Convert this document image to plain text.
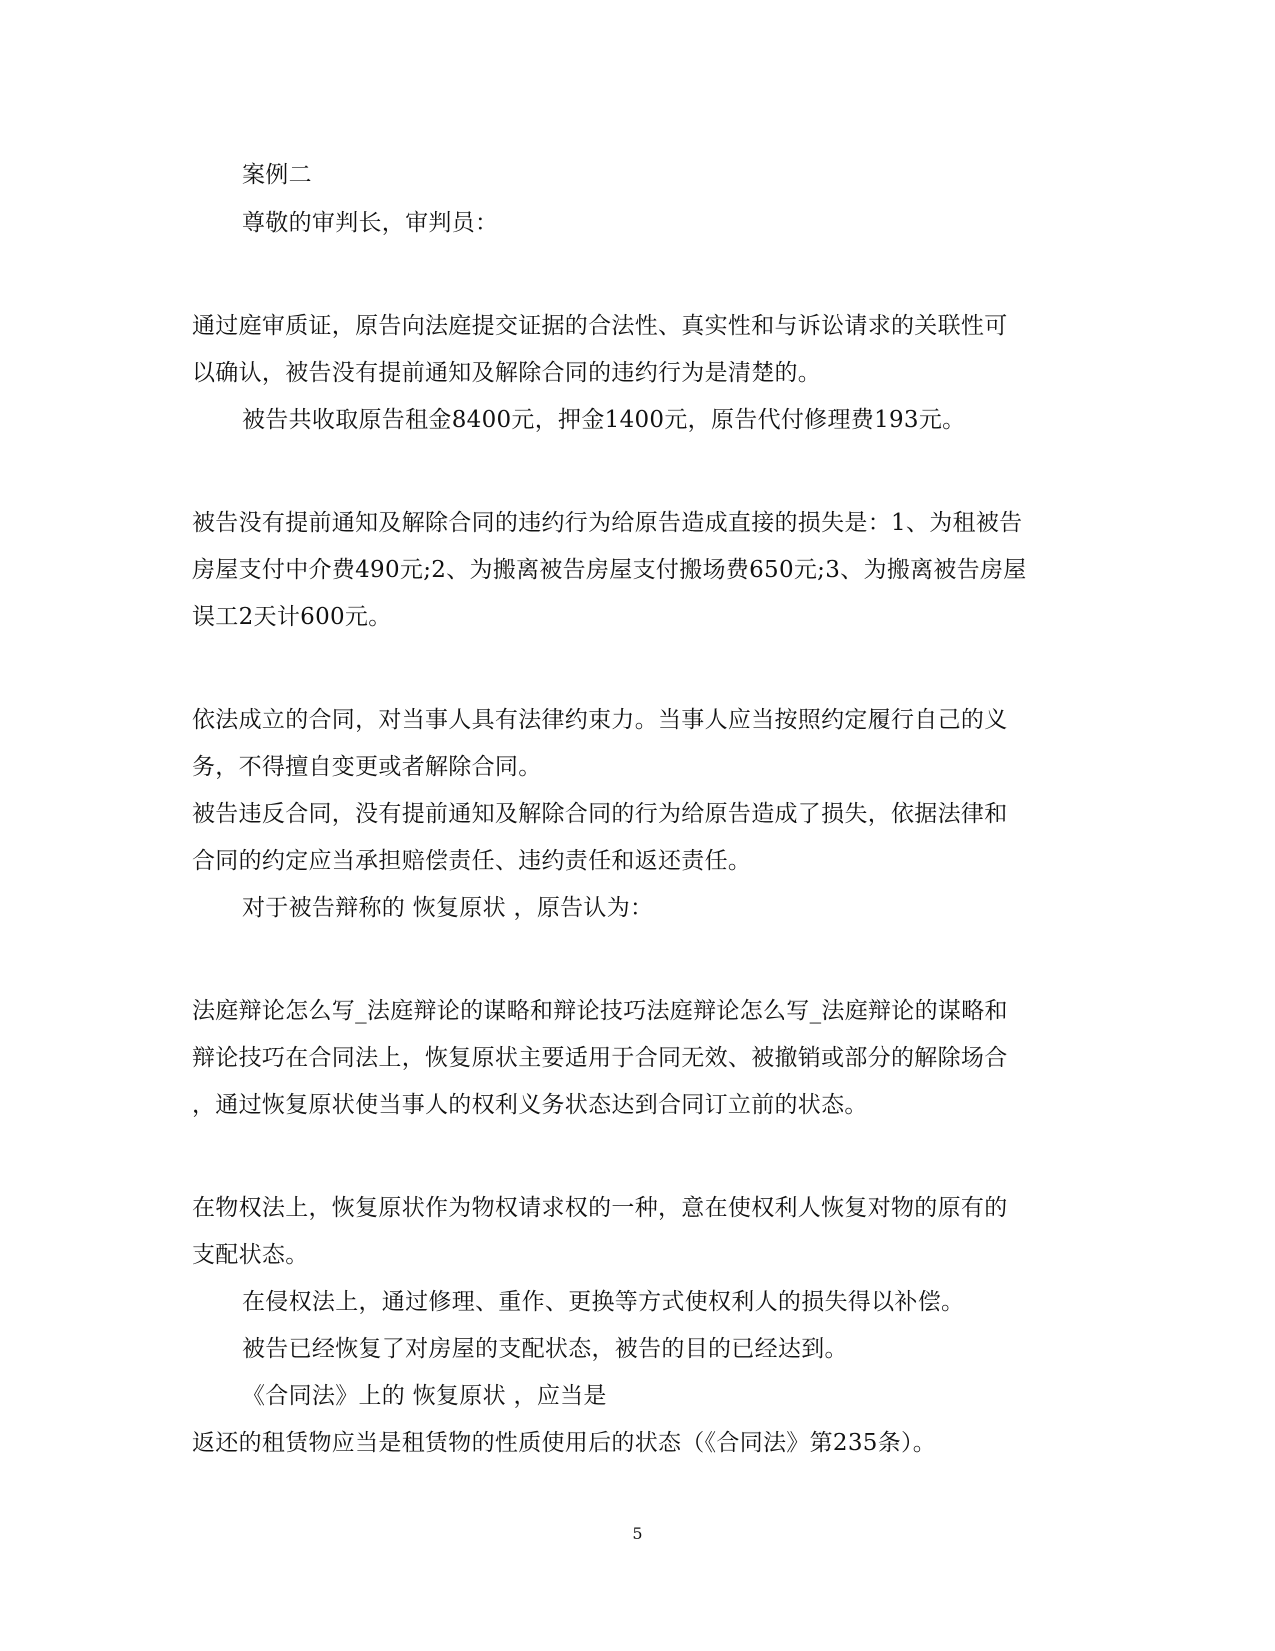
案例二
尊敬的审判长，审判员：
通过庭审质证，原告向法庭提交证据的合法性、真实性和与诉讼请求的关联性可
以确认，被告没有提前通知及解除合同的违约行为是清楚的。
被告共收取原告租金8400元，押金1400元，原告代付修理费193元。
被告没有提前通知及解除合同的违约行为给原告造成直接的损失是：1、为租被告
房屋支付中介费490元;2、为搬离被告房屋支付搬场费650元;3、为搬离被告房屋
误工2天计600元。
依法成立的合同，对当事人具有法律约束力。当事人应当按照约定履行自己的义
务，不得擅自变更或者解除合同。
被告违反合同，没有提前通知及解除合同的行为给原告造成了损失，依据法律和
合同的约定应当承担赔偿责任、违约责任和返还责任。
对于被告辩称的 恢复原状 ，原告认为：
法庭辩论怎么写_法庭辩论的谋略和辩论技巧法庭辩论怎么写_法庭辩论的谋略和
辩论技巧在合同法上，恢复原状主要适用于合同无效、被撤销或部分的解除场合
，通过恢复原状使当事人的权利义务状态达到合同订立前的状态。
在物权法上，恢复原状作为物权请求权的一种，意在使权利人恢复对物的原有的
支配状态。
在侵权法上，通过修理、重作、更换等方式使权利人的损失得以补偿。
被告已经恢复了对房屋的支配状态，被告的目的已经达到。
《合同法》上的 恢复原状 ，应当是
返还的租赁物应当是租赁物的性质使用后的状态（《合同法》第235条）。
5
